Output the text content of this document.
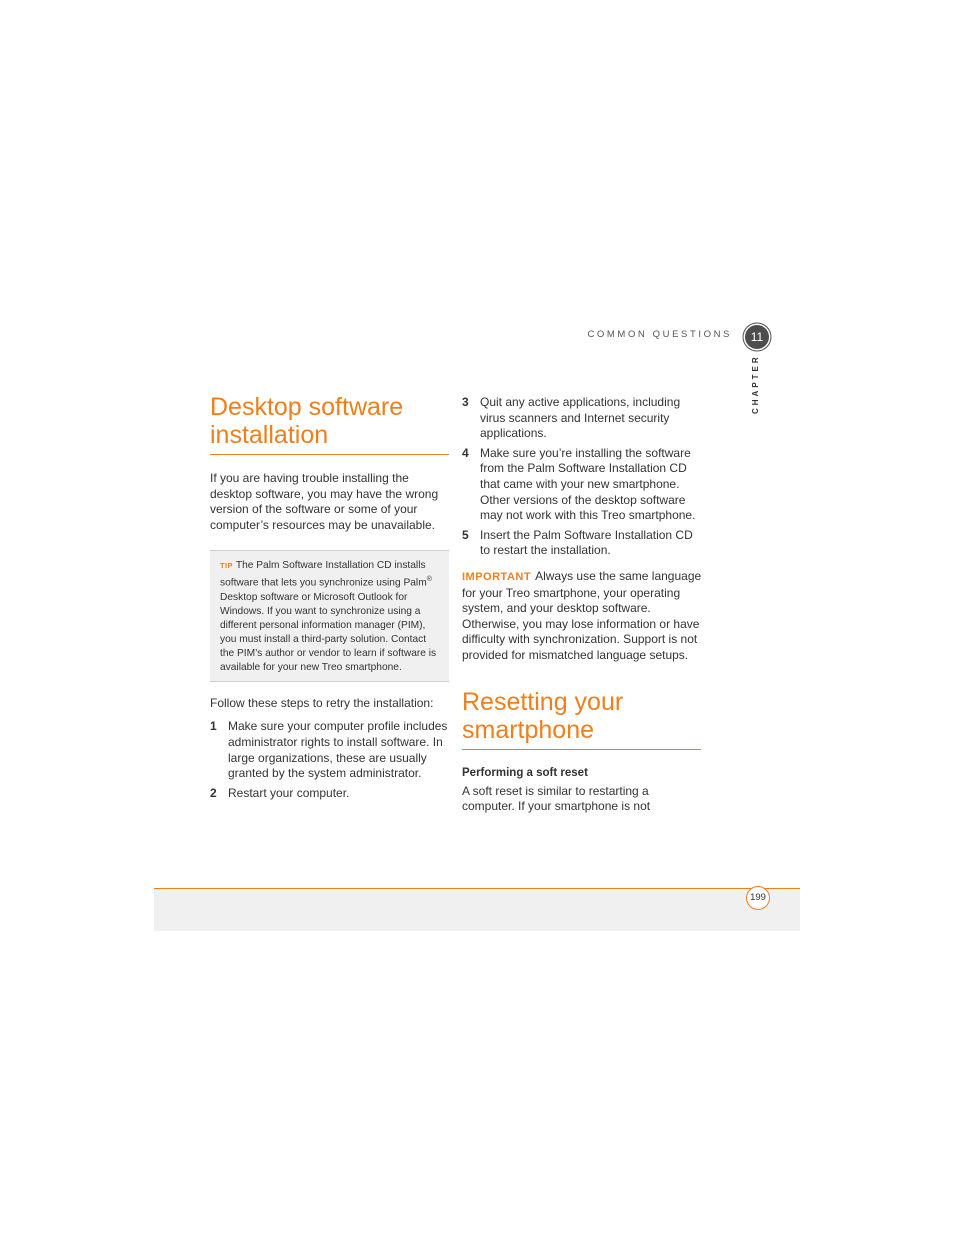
COMMON QUESTIONS	11
CHAPTER
Desktop software installation

If you are having trouble installing the desktop software, you may have the wrong version of the software or some of your computer’s resources may be unavailable.

TIP The Palm Software Installation CD installs software that lets you synchronize using Palm® Desktop software or Microsoft Outlook for Windows. If you want to synchronize using a different personal information manager (PIM), you must install a third-party solution. Contact the PIM’s author or vendor to learn if software is available for your new Treo smartphone.

Follow these steps to retry the installation:

1 Make sure your computer profile includes administrator rights to install software. In large organizations, these are usually granted by the system administrator.
2 Restart your computer.
3 Quit any active applications, including virus scanners and Internet security applications.
4 Make sure you’re installing the software from the Palm Software Installation CD that came with your new smartphone. Other versions of the desktop software may not work with this Treo smartphone.
5 Insert the Palm Software Installation CD to restart the installation.

IMPORTANT Always use the same language for your Treo smartphone, your operating system, and your desktop software. Otherwise, you may lose information or have difficulty with synchronization. Support is not provided for mismatched language setups.

Resetting your smartphone
Performing a soft reset

A soft reset is similar to restarting a computer. If your smartphone is not

199
